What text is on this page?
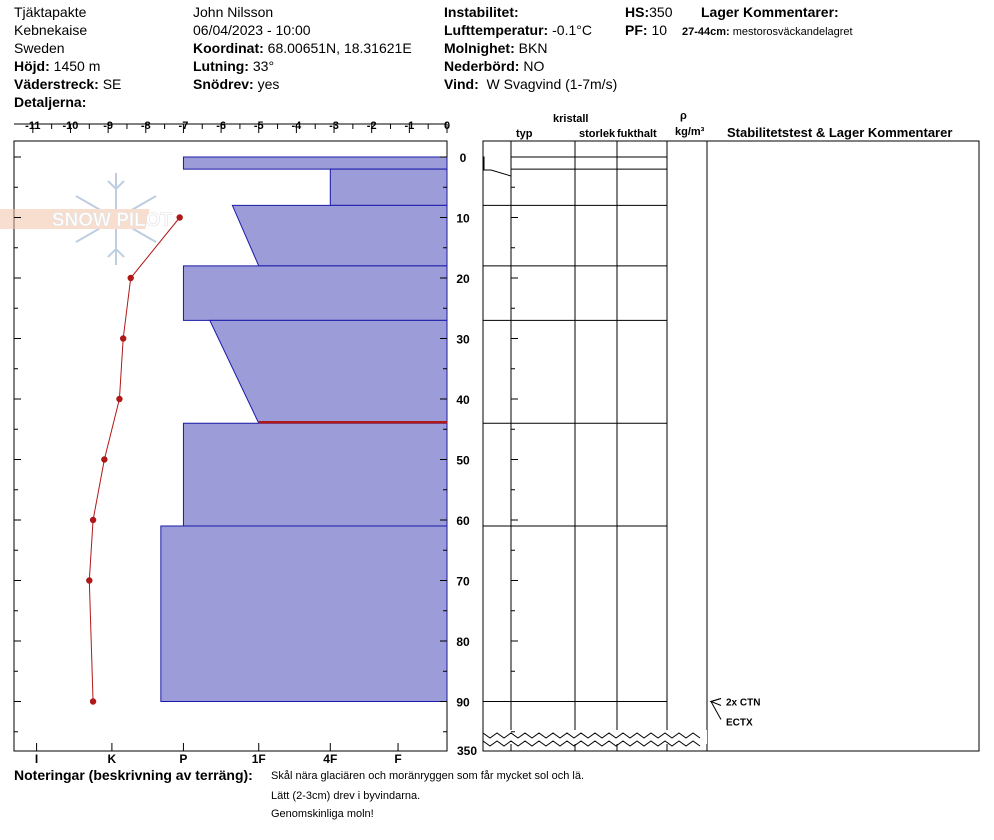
Tjäktapakte
Kebnekaise
Sweden
Höjd: 1450 m
Väderstreck: SE
Detaljerna:
John Nilsson
06/04/2023 - 10:00
Koordinat: 68.00651N, 18.31621E
Lutning: 33°
Snödrev: yes
Instabilitet:
Lufttemperatur: -0.1°C
Molnighet: BKN
Nederbörd: NO
Vind: W Svagvind (1-7m/s)
HS:350
PF: 10
Lager Kommentarer:
27-44cm: mestorosväckandelagret
typ
kristall
storlek fukthalt
ρ
kg/m³ Stabilitetstest & Lager Kommentarer
Noteringar (beskrivning av terräng): Skål nära glaciären och moränryggen som får mycket sol och lä.
Lätt (2-3cm) drev i byvindarna.
Genomskinliga moln!
SNOW PILOT
-11 -10 -9	-8	-7	-6	-5	-4	-3	-2	-1	0
0
10
20
30
40
50
60
70
80
90
350
I	K	P	1F	4F	F
2x CTN
ECTX
